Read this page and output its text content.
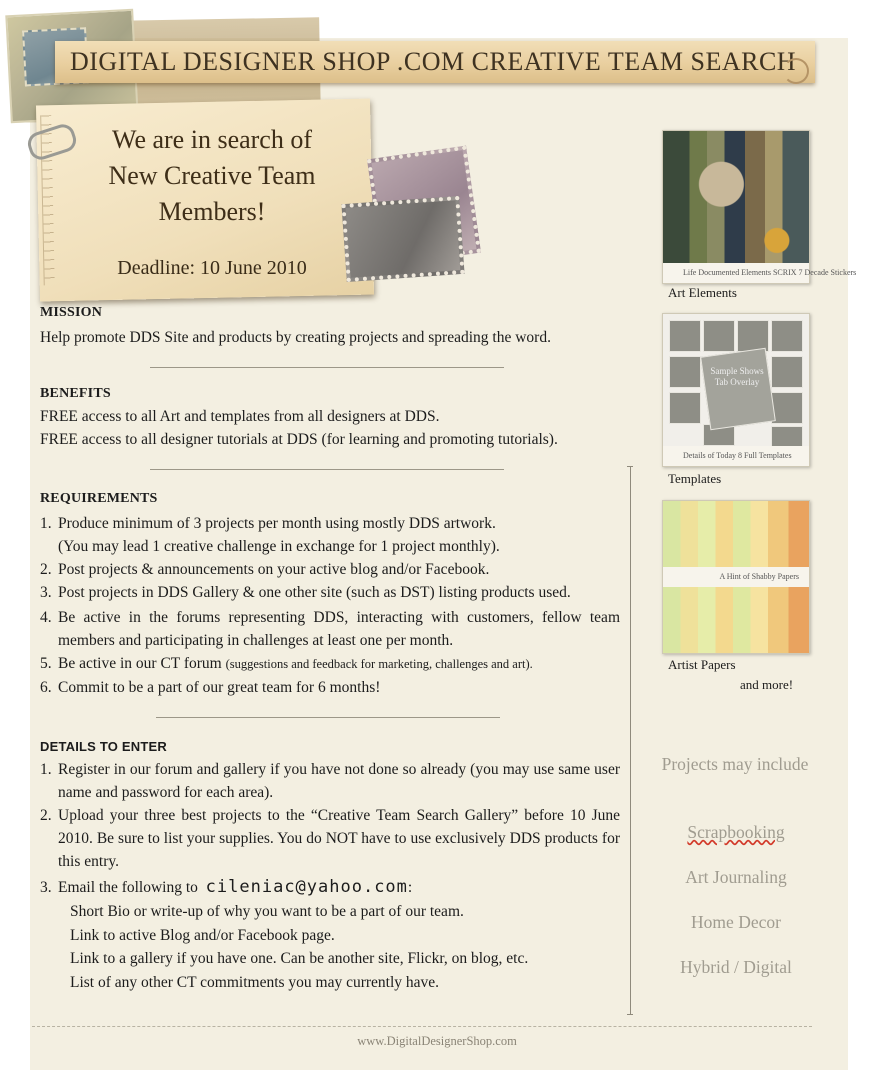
DIGITAL DESIGNER SHOP .COM CREATIVE TEAM SEARCH
We are in search of
New Creative Team
Members!
Deadline: 10 June 2010
MISSION
Help promote DDS Site and products by creating projects and spreading the word.
BENEFITS
FREE access to all Art and templates from all designers at DDS.
FREE access to all designer tutorials at DDS (for learning and promoting tutorials).
REQUIREMENTS
1. Produce minimum of 3 projects per month using mostly DDS artwork.
(You may lead 1 creative challenge in exchange for 1 project monthly).
2. Post projects & announcements on your active blog and/or Facebook.
3. Post projects in DDS Gallery & one other site (such as DST) listing products used.
4. Be active in the forums representing DDS, interacting with customers, fellow team members and participating in challenges at least one per month.
5. Be active in our CT forum (suggestions and feedback for marketing, challenges and art).
6. Commit to be a part of our great team for 6 months!
DETAILS TO ENTER
1. Register in our forum and gallery if you have not done so already (you may use same user name and password for each area).
2. Upload your three best projects to the “Creative Team Search Gallery” before 10 June 2010. Be sure to list your supplies. You do NOT have to use exclusively DDS products for this entry.
3. Email the following to cileniac@yahoo.com:
Short Bio or write-up of why you want to be a part of our team.
Link to active Blog and/or Facebook page.
Link to a gallery if you have one. Can be another site, Flickr, on blog, etc.
List of any other CT commitments you may currently have.
Life Documented Elements SCRIX 7 Decade Stickers
Art Elements
Sample Shows Tab Overlay
Details of Today 8 Full Templates
Templates
A Hint of Shabby Papers
Artist Papers
and more!
Projects may include
Scrapbooking
Art Journaling
Home Decor
Hybrid / Digital
www.DigitalDesignerShop.com
